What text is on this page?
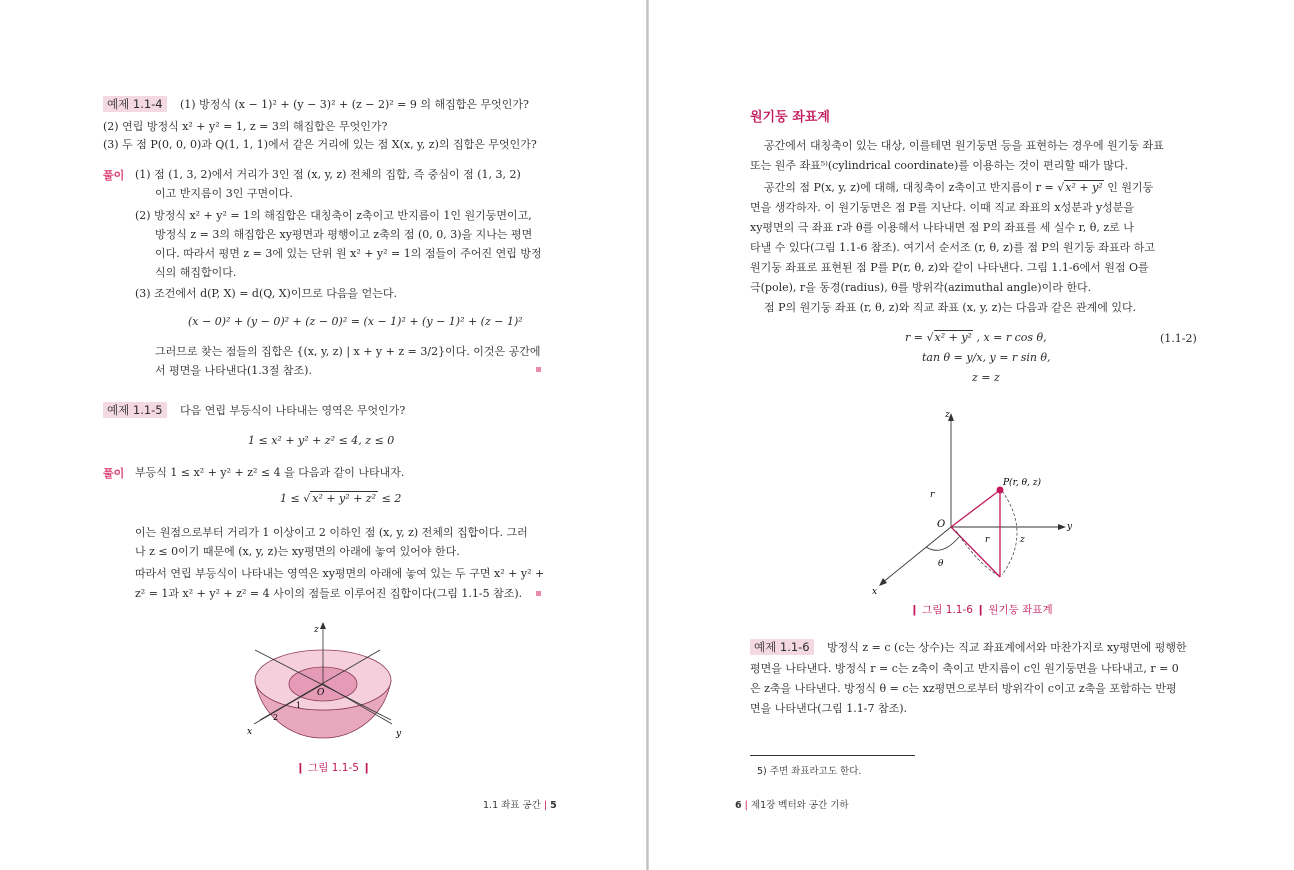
예제 1.1-4	(1) 방정식 (x − 1)² + (y − 3)² + (z − 2)² = 9 의 해집합은 무엇인가?
(2) 연립 방정식 x² + y² = 1, z = 3의 해집합은 무엇인가?
(3) 두 점 P(0, 0, 0)과 Q(1, 1, 1)에서 같은 거리에 있는 점 X(x, y, z)의 집합은 무엇인가?
풀이 (1) 점 (1, 3, 2)에서 거리가 3인 점 (x, y, z) 전체의 집합, 즉 중심이 점 (1, 3, 2)
이고 반지름이 3인 구면이다.
(2) 방정식 x² + y² = 1의 해집합은 대칭축이 z축이고 반지름이 1인 원기둥면이고,
방정식 z = 3의 해집합은 xy평면과 평행이고 z축의 점 (0, 0, 3)을 지나는 평면
이다. 따라서 평면 z = 3에 있는 단위 원 x² + y² = 1의 점들이 주어진 연립 방정
식의 해집합이다.
(3) 조건에서 d(P, X) = d(Q, X)이므로 다음을 얻는다.
(x − 0)² + (y − 0)² + (z − 0)² = (x − 1)² + (y − 1)² + (z − 1)²
그러므로 찾는 점들의 집합은 {(x, y, z) | x + y + z = 3/2}이다. 이것은 공간에
서 평면을 나타낸다(1.3절 참조).
예제 1.1-5	다음 연립 부등식이 나타내는 영역은 무엇인가?
1 ≤ x² + y² + z² ≤ 4, z ≤ 0
풀이 부등식 1 ≤ x² + y² + z² ≤ 4 을 다음과 같이 나타내자.
1 ≤ √ x² + y² + z² ≤ 2
이는 원점으로부터 거리가 1 이상이고 2 이하인 점 (x, y, z) 전체의 집합이다. 그러
나 z ≤ 0이기 때문에 (x, y, z)는 xy평면의 아래에 놓여 있어야 한다.
따라서 연립 부등식이 나타내는 영역은 xy평면의 아래에 놓여 있는 두 구면 x² + y² +
z² = 1과 x² + y² + z² = 4 사이의 점들로 이루어진 집합이다(그림 1.1-5 참조).
z
O
1
2
x	y
❙ 그림 1.1-5 ❙
1.1 좌표 공간 | 5
원기둥 좌표계
공간에서 대칭축이 있는 대상, 이를테면 원기둥면 등을 표현하는 경우에 원기둥 좌표
또는 원주 좌표⁵⁾(cylindrical coordinate)를 이용하는 것이 편리할 때가 많다.
공간의 점 P(x, y, z)에 대해, 대칭축이 z축이고 반지름이 r = √x² + y² 인 원기둥
면을 생각하자. 이 원기둥면은 점 P를 지난다. 이때 직교 좌표의 x성분과 y성분을
xy평면의 극 좌표 r과 θ를 이용해서 나타내면 점 P의 좌표를 세 실수 r, θ, z로 나
타낼 수 있다(그림 1.1-6 참조). 여기서 순서조 (r, θ, z)를 점 P의 원기둥 좌표라 하고
원기둥 좌표로 표현된 점 P를 P(r, θ, z)와 같이 나타낸다. 그림 1.1-6에서 원점 O를
극(pole), r을 동경(radius), θ를 방위각(azimuthal angle)이라 한다.
점 P의 원기둥 좌표 (r, θ, z)와 직교 좌표 (x, y, z)는 다음과 같은 관계에 있다.
r = √x² + y² , x = r cos θ,
tan θ = y/x, y = r sin θ,
z = z
(1.1-2)
z
y
x
O
r
r	z
θ
P(r, θ, z)
❙ 그림 1.1-6 ❙ 원기둥 좌표계
예제 1.1-6	방정식 z = c (c는 상수)는 직교 좌표계에서와 마찬가지로 xy평면에 평행한
평면을 나타낸다. 방정식 r = c는 z축이 축이고 반지름이 c인 원기둥면을 나타내고, r = 0
은 z축을 나타낸다. 방정식 θ = c는 xz평면으로부터 방위각이 c이고 z축을 포함하는 반평
면을 나타낸다(그림 1.1-7 참조).
5) 주면 좌표라고도 한다.
6 | 제1장 벡터와 공간 기하
